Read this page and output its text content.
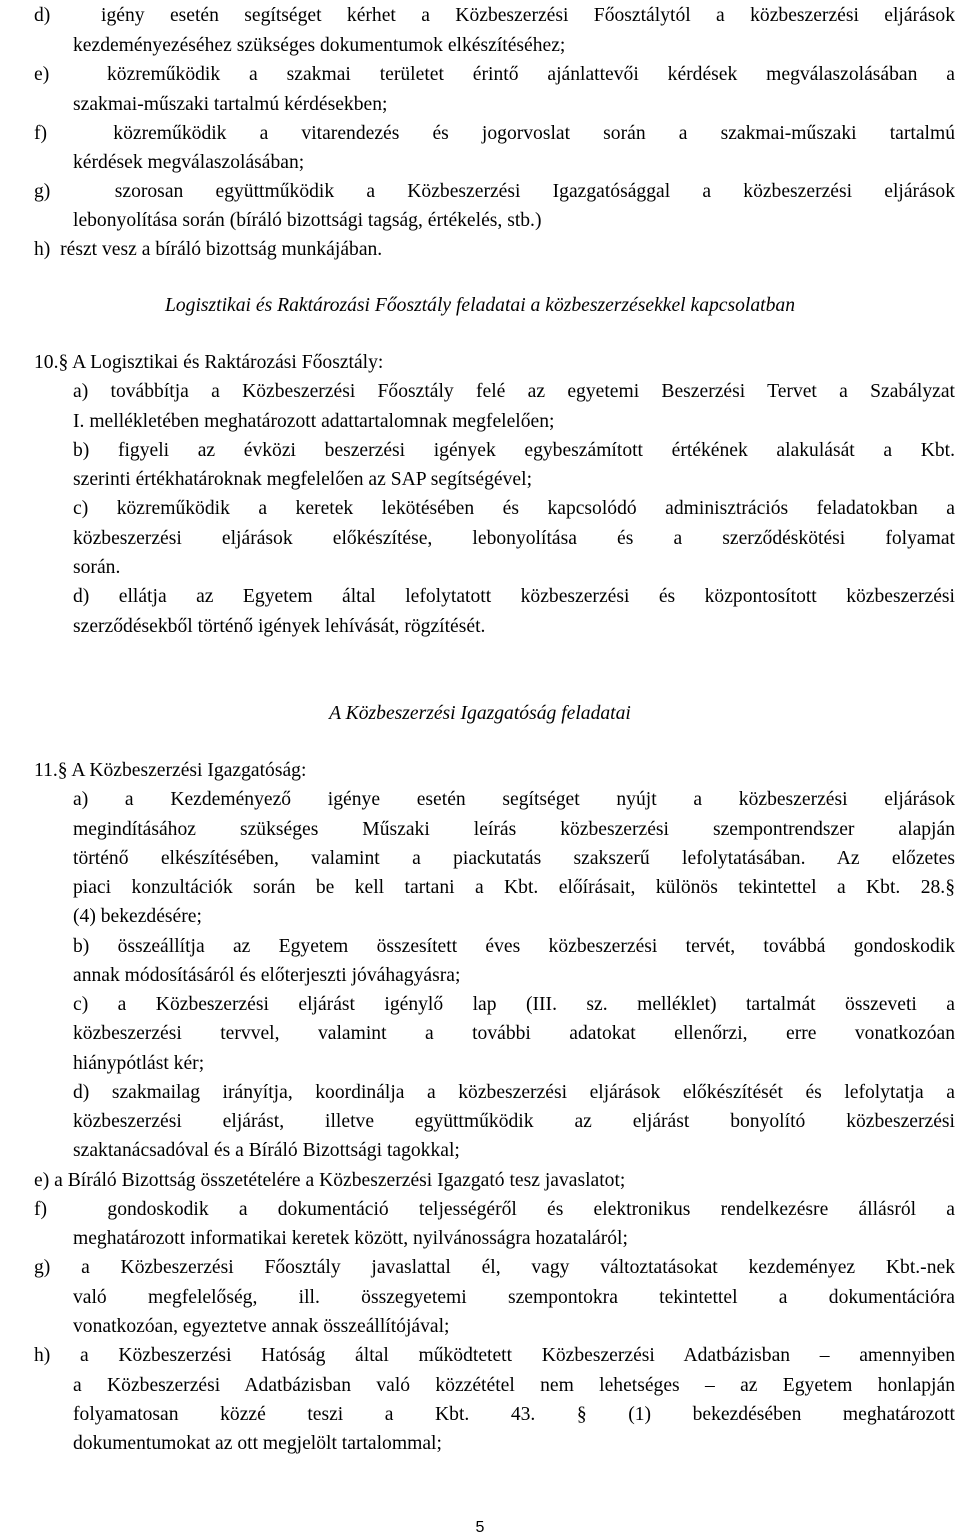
d)  igény esetén segítséget kérhet a Közbeszerzési Főosztálytól a közbeszerzési eljárások

kezdeményezéséhez szükséges dokumentumok elkészítéséhez;

e)  közreműködik a szakmai területet érintő ajánlattevői kérdések megválaszolásában a

szakmai-műszaki tartalmú kérdésekben;

f)  közreműködik a vitarendezés és jogorvoslat során a szakmai-műszaki tartalmú

kérdések megválaszolásában;

g)  szorosan együttműködik a Közbeszerzési Igazgatósággal a közbeszerzési eljárások

lebonyolítása során (bíráló bizottsági tagság, értékelés, stb.)

h)  részt vesz a bíráló bizottság munkájában.

Logisztikai és Raktározási Főosztály feladatai a közbeszerzésekkel kapcsolatban

10.§ A Logisztikai és Raktározási Főosztály:

a) továbbítja a Közbeszerzési Főosztály felé az egyetemi Beszerzési Tervet a Szabályzat

I. mellékletében meghatározott adattartalomnak megfelelően;

b) figyeli az évközi beszerzési igények egybeszámított értékének alakulását a Kbt.

szerinti értékhatároknak megfelelően az SAP segítségével;

c) közreműködik a keretek lekötésében és kapcsolódó adminisztrációs feladatokban a

közbeszerzési eljárások előkészítése, lebonyolítása és a szerződéskötési folyamat

során.

d) ellátja az Egyetem által lefolytatott közbeszerzési és központosított közbeszerzési

szerződésekből történő igények lehívását, rögzítését.

A Közbeszerzési Igazgatóság feladatai

11.§ A Közbeszerzési Igazgatóság:

a) a Kezdeményező igénye esetén segítséget nyújt a közbeszerzési eljárások

megindításához szükséges Műszaki leírás közbeszerzési szempontrendszer alapján

történő elkészítésében, valamint a piackutatás szakszerű lefolytatásában. Az előzetes

piaci konzultációk során be kell tartani a Kbt. előírásait, különös tekintettel a Kbt. 28.§

(4) bekezdésére;

b) összeállítja az Egyetem összesített éves közbeszerzési tervét, továbbá gondoskodik

annak módosításáról és előterjeszti jóváhagyásra;

c) a Közbeszerzési eljárást igénylő lap (III. sz. melléklet) tartalmát összeveti a

közbeszerzési tervvel, valamint a további adatokat ellenőrzi, erre vonatkozóan

hiánypótlást kér;

d) szakmailag irányítja, koordinálja a közbeszerzési eljárások előkészítését és lefolytatja a

közbeszerzési eljárást, illetve együttműködik az eljárást bonyolító közbeszerzési

szaktanácsadóval és a Bíráló Bizottsági tagokkal;

e) a Bíráló Bizottság összetételére a Közbeszerzési Igazgató tesz javaslatot;

f)  gondoskodik a dokumentáció teljességéről és elektronikus rendelkezésre állásról a

meghatározott informatikai keretek között, nyilvánosságra hozataláról;

g) a Közbeszerzési Főosztály javaslattal él, vagy változtatásokat kezdeményez Kbt.-nek

való megfelelőség, ill. összegyetemi szempontokra tekintettel a dokumentációra

vonatkozóan, egyeztetve annak összeállítójával;

h) a Közbeszerzési Hatóság által működtetett Közbeszerzési Adatbázisban – amennyiben

a Közbeszerzési Adatbázisban való közzététel nem lehetséges – az Egyetem honlapján

folyamatosan közzé teszi a Kbt. 43. § (1) bekezdésében meghatározott

dokumentumokat az ott megjelölt tartalommal;

5
